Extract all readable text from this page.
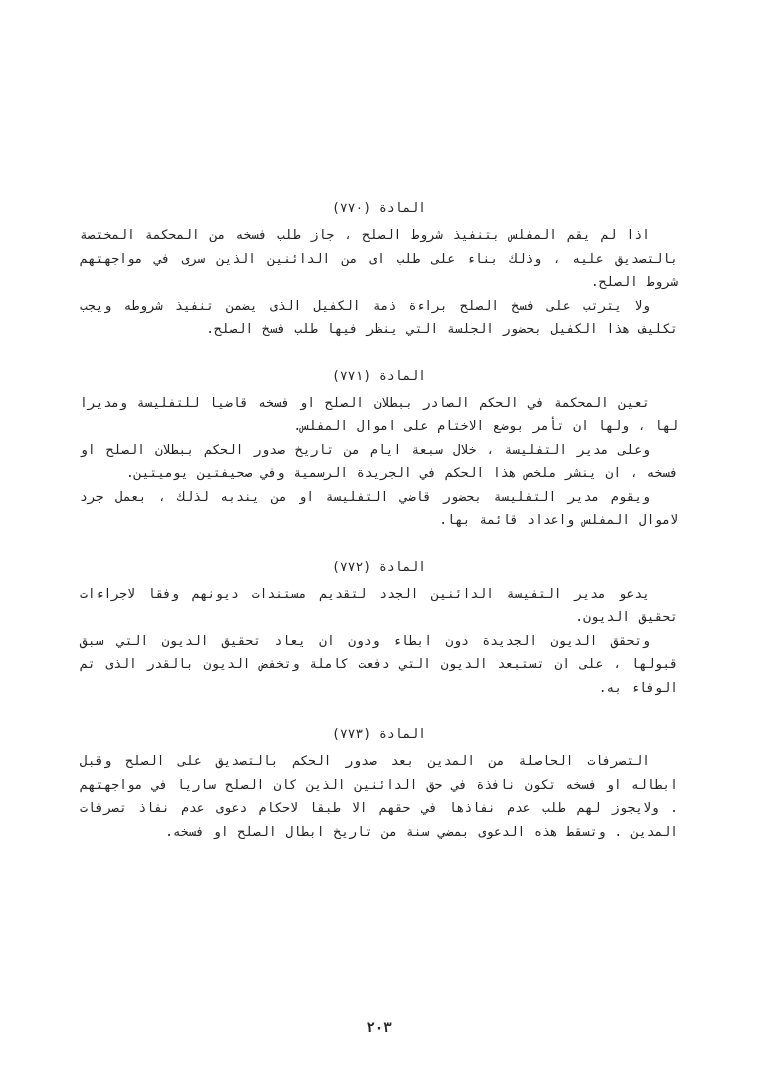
المادة (٧٧٠)

اذا لم يقم المفلس بتنفيذ شروط الصلح ، جاز طلب فسخه من المحكمة المختصة بالتصديق عليه ، وذلك بناء على طلب اى من الدائنين الذين سرى في مواجهتهم شروط الصلح.

ولا يترتب على فسخ الصلح براءة ذمة الكفيل الذى يضمن تنفيذ شروطه ويجب تكليف هذا الكفيل بحضور الجلسة التي ينظر فيها طلب فسخ الصلح.

المادة (٧٧١)

تعين المحكمة في الحكم الصادر ببطلان الصلح او فسخه قاضيا للتفليسة ومديرا لها ، ولها ان تأمر بوضع الاختام على اموال المفلس.

وعلى مدير التفليسة ، خلال سبعة ايام من تاريخ صدور الحكم ببطلان الصلح او فسخه ، ان ينشر ملخص هذا الحكم في الجريدة الرسمية وفي صحيفتين يوميتين.

ويقوم مدير التفليسة بحضور قاضي التفليسة او من يندبه لذلك ، بعمل جرد لاموال المفلس واعداد قائمة بها.

المادة (٧٧٢)

يدعو مدير التفيسة الدائنين الجدد لتقديم مستندات ديونهم وفقا لاجراءات تحقيق الديون.

وتحقق الديون الجديدة دون ابطاء ودون ان يعاد تحقيق الديون التي سبق قبولها ، على ان تستبعد الديون التي دفعت كاملة وتخفض الديون بالقدر الذى تم الوفاء به.

المادة (٧٧٣)

التصرفات الحاصلة من المدين بعد صدور الحكم بالتصديق على الصلح وقبل ابطاله او فسخه تكون نافذة في حق الدائنين الذين كان الصلح ساريا في مواجهتهم . ولايجوز لهم طلب عدم نفاذها في حقهم الا طبقا لاحكام دعوى عدم نفاذ تصرفات المدين . وتسقط هذه الدعوى بمضي سنة من تاريخ ابطال الصلح او فسخه.

٢٠٣
